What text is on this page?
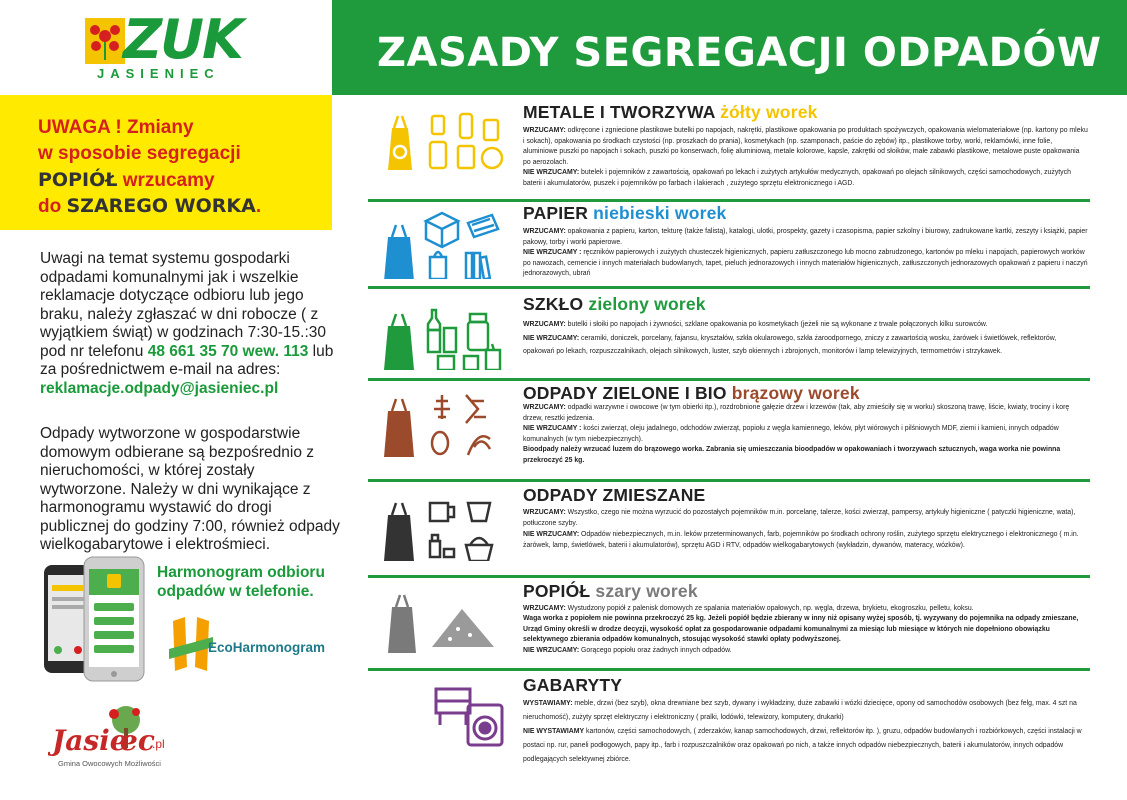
ZUK
JASIENIEC
UWAGA ! Zmiany
w sposobie segregacji
POPIÓŁ wrzucamy
do SZAREGO WORKA.
Uwagi na temat systemu gospodarki odpadami komunalnymi jak i wszelkie reklamacje dotyczące odbioru lub jego braku, należy zgłaszać w dni robocze ( z wyjątkiem świąt) w godzinach 7:30-15.:30 pod nr telefonu 48 661 35 70 wew. 113 lub za pośrednictwem e-mail na adres:
reklamacje.odpady@jasieniec.pl
Odpady wytworzone w gospodarstwie domowym odbierane są bezpośrednio z nieruchomości, w której zostały wytworzone. Należy w dni wynikające z harmonogramu wystawić do drogi publicznej do godziny 7:00, również odpady wielkogabarytowe i elektrośmieci.
Harmonogram odbioru odpadów w telefonie.
EcoHarmonogram
Jasie
ec
.pl
Gmina Owocowych Możliwości
ZASADY SEGREGACJI ODPADÓW
METALE I TWORZYWA żółty worek
WRZUCAMY: odkręcone i zgniecione plastikowe butelki po napojach, nakrętki, plastikowe opakowania po produktach spożywczych, opakowania wielomateriałowe (np. kartony po mleku i sokach), opakowania po środkach czystości (np. proszkach do prania), kosmetykach (np. szamponach, paście do zębów) itp., plastikowe torby, worki, reklamówki, inne folie, aluminiowe puszki po napojach i sokach, puszki po konserwach, folię aluminiową, metale kolorowe, kapsle, zakrętki od słoików, małe zabawki plastikowe, metalowe puste opakowania po aerozolach.
NIE WRZUCAMY: butelek i pojemników z zawartością, opakowań po lekach i zużytych artykułów medycznych, opakowań po olejach silnikowych, części samochodowych, zużytych baterii i akumulatorów, puszek i pojemników po farbach i lakierach , zużytego sprzętu elektronicznego i AGD.
PAPIER niebieski worek
WRZUCAMY: opakowania z papieru, karton, tekturę (także falistą), katalogi, ulotki, prospekty, gazety i czasopisma, papier szkolny i biurowy, zadrukowane kartki, zeszyty i książki, papier pakowy, torby i worki papierowe.
NIE WRZUCAMY : ręczników papierowych i zużytych chusteczek higienicznych, papieru zatłuszczonego lub mocno zabrudzonego, kartonów po mleku i napojach, papierowych worków po nawozach, cemencie i innych materiałach budowlanych, tapet, pieluch jednorazowych i innych materiałów higienicznych, zatłuszczonych jednorazowych opakowań z papieru i naczyń jednorazowych, ubrań
SZKŁO zielony worek
WRZUCAMY: butelki i słoiki po napojach i żywności, szklane opakowania po kosmetykach (jeżeli nie są wykonane z trwale połączonych kilku surowców.
NIE WRZUCAMY: ceramiki, doniczek, porcelany, fajansu, kryształów, szkła okularowego, szkła żaroodpornego, zniczy z zawartością wosku, żarówek i świetlówek, reflektorów, opakowań po lekach, rozpuszczalnikach, olejach silnikowych, luster, szyb okiennych i zbrojonych, monitorów i lamp telewizyjnych, termometrów i strzykawek.
ODPADY ZIELONE I BIO brązowy worek
WRZUCAMY: odpadki warzywne i owocowe (w tym obierki itp.), rozdrobnione gałęzie drzew i krzewów (tak, aby zmieściły się w worku) skoszoną trawę, liście, kwiaty, trociny i korę drzew, resztki jedzenia.
NIE WRZUCAMY : kości zwierząt, oleju jadalnego, odchodów zwierząt, popiołu z węgla kamiennego, leków, płyt wiórowych i pilśniowych MDF, ziemi i kamieni, innych odpadów komunalnych (w tym niebezpiecznych).
Bioodpady należy wrzucać luzem do brązowego worka. Zabrania się umieszczania bioodpadów w opakowaniach i tworzywach sztucznych, waga worka nie powinna przekroczyć 25 kg.
ODPADY ZMIESZANE
WRZUCAMY: Wszystko, czego nie można wyrzucić do pozostałych pojemników m.in. porcelanę, talerze, kości zwierząt, pampersy, artykuły higieniczne ( patyczki higieniczne, wata), potłuczone szyby.
NIE WRZUCAMY: Odpadów niebezpiecznych, m.in. leków przeterminowanych, farb, pojemników po środkach ochrony roślin, zużytego sprzętu elektrycznego i elektronicznego ( m.in. żarówek, lamp, świetlówek, baterii i akumulatorów), sprzętu AGD i RTV, odpadów wielkogabarytowych (wykładzin, dywanów, materacy, wózków).
POPIÓŁ szary worek
WRZUCAMY: Wystudzony popiół z palenisk domowych ze spalania materiałów opałowych, np. węgla, drzewa, brykietu, ekogroszku, pelletu, koksu.
Waga worka z popiołem nie powinna przekroczyć 25 kg. Jeżeli popiół będzie zbierany w inny niż opisany wyżej sposób, tj. wyzywany do pojemnika na odpady zmieszane, Urząd Gminy określi w drodze decyzji, wysokość opłat za gospodarowanie odpadami komunalnymi za miesiąc lub miesiące w których nie dopełniono obowiązku selektywnego zbierania odpadów komunalnych, stosując wysokość stawki opłaty podwyższonej.
NIE WRZUCAMY: Gorącego popiołu oraz żadnych innych odpadów.
GABARYTY
WYSTAWIAMY: meble, drzwi (bez szyb), okna drewniane bez szyb, dywany i wykładziny, duże zabawki i wózki dziecięce, opony od samochodów osobowych (bez felg, max. 4 szt na nieruchomość), zużyty sprzęt elektryczny i elektroniczny ( pralki, lodówki, telewizory, komputery, drukarki)
NIE WYSTAWIAMY kartonów, części samochodowych, ( zderzaków, kanap samochodowych, drzwi, reflektorów itp. ), gruzu, odpadów budowlanych i rozbiórkowych, części instalacji w postaci np. rur, paneli podłogowych, papy itp., farb i rozpuszczalników oraz opakowań po nich, a także innych odpadów niebezpiecznych, baterii i akumulatorów, innych odpadów podlegających selektywnej zbiórce.
